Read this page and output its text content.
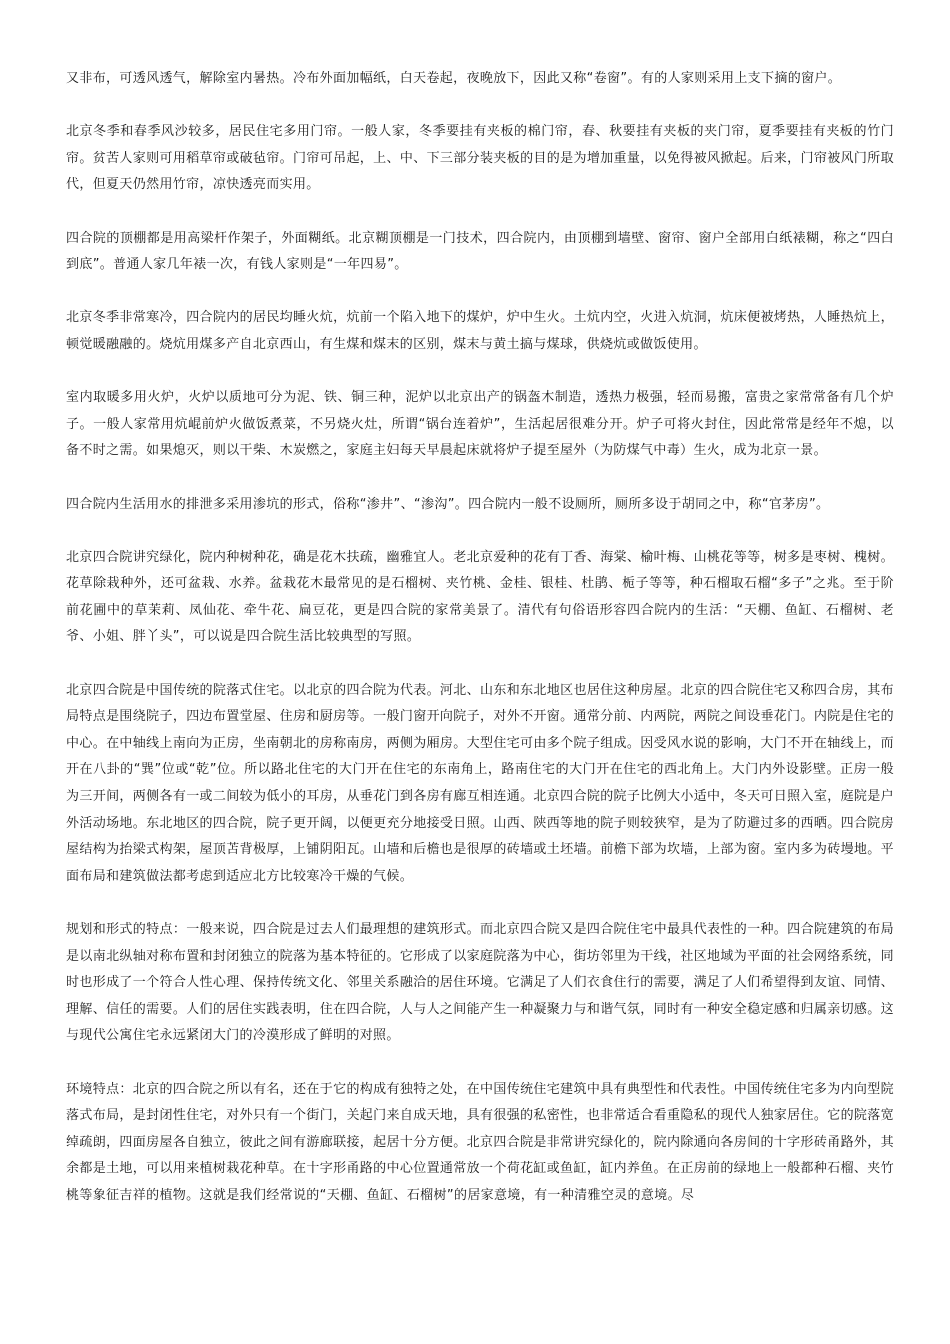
又非布，可透风透气，解除室内暑热。冷布外面加幅纸，白天卷起，夜晚放下，因此又称“卷窗”。有的人家则采用上支下摘的窗户。

北京冬季和春季风沙较多，居民住宅多用门帘。一般人家，冬季要挂有夹板的棉门帘，春、秋要挂有夹板的夹门帘，夏季要挂有夹板的竹门帘。贫苦人家则可用稻草帘或破毡帘。门帘可吊起，上、中、下三部分装夹板的目的是为增加重量，以免得被风掀起。后来，门帘被风门所取代，但夏天仍然用竹帘，凉快透亮而实用。

四合院的顶棚都是用高梁杆作架子，外面糊纸。北京糊顶棚是一门技术，四合院内，由顶棚到墙壁、窗帘、窗户全部用白纸裱糊，称之“四白到底”。普通人家几年裱一次，有钱人家则是“一年四易”。

北京冬季非常寒冷，四合院内的居民均睡火炕，炕前一个陷入地下的煤炉，炉中生火。土炕内空，火进入炕洞，炕床便被烤热，人睡热炕上，顿觉暖融融的。烧炕用煤多产自北京西山，有生煤和煤末的区别，煤末与黄土搞与煤球，供烧炕或做饭使用。

室内取暖多用火炉，火炉以质地可分为泥、铁、铜三种，泥炉以北京出产的锅盔木制造，透热力极强，轻而易搬，富贵之家常常备有几个炉子。一般人家常用炕崐前炉火做饭煮菜，不另烧火灶，所谓“锅台连着炉”，生活起居很难分开。炉子可将火封住，因此常常是经年不熄，以备不时之需。如果熄灭，则以干柴、木炭燃之，家庭主妇每天早晨起床就将炉子提至屋外（为防煤气中毒）生火，成为北京一景。

四合院内生活用水的排泄多采用渗坑的形式，俗称“渗井”、“渗沟”。四合院内一般不设厕所，厕所多设于胡同之中，称“官茅房”。

北京四合院讲究绿化，院内种树种花，确是花木扶疏，幽雅宜人。老北京爱种的花有丁香、海棠、榆叶梅、山桃花等等，树多是枣树、槐树。花草除栽种外，还可盆栽、水养。盆栽花木最常见的是石榴树、夹竹桃、金桂、银桂、杜鹃、栀子等等，种石榴取石榴“多子”之兆。至于阶前花圃中的草茉莉、凤仙花、牵牛花、扁豆花，更是四合院的家常美景了。清代有句俗语形容四合院内的生活：“天棚、鱼缸、石榴树、老爷、小姐、胖丫头”，可以说是四合院生活比较典型的写照。

北京四合院是中国传统的院落式住宅。以北京的四合院为代表。河北、山东和东北地区也居住这种房屋。北京的四合院住宅又称四合房，其布局特点是围绕院子，四边布置堂屋、住房和厨房等。一般门窗开向院子，对外不开窗。通常分前、内两院，两院之间设垂花门。内院是住宅的中心。在中轴线上南向为正房，坐南朝北的房称南房，两侧为厢房。大型住宅可由多个院子组成。因受风水说的影响，大门不开在轴线上，而开在八卦的“巽”位或“乾”位。所以路北住宅的大门开在住宅的东南角上，路南住宅的大门开在住宅的西北角上。大门内外设影壁。正房一般为三开间，两侧各有一或二间较为低小的耳房，从垂花门到各房有廊互相连通。北京四合院的院子比例大小适中，冬天可日照入室，庭院是户外活动场地。东北地区的四合院，院子更开阔，以便更充分地接受日照。山西、陕西等地的院子则较狭窄，是为了防避过多的西晒。四合院房屋结构为抬梁式构架，屋顶苫背极厚，上铺阴阳瓦。山墙和后檐也是很厚的砖墙或土坯墙。前檐下部为坎墙，上部为窗。室内多为砖墁地。平面布局和建筑做法都考虑到适应北方比较寒冷干燥的气候。

规划和形式的特点：一般来说，四合院是过去人们最理想的建筑形式。而北京四合院又是四合院住宅中最具代表性的一种。四合院建筑的布局是以南北纵轴对称布置和封闭独立的院落为基本特征的。它形成了以家庭院落为中心，街坊邻里为干线，社区地域为平面的社会网络系统，同时也形成了一个符合人性心理、保持传统文化、邻里关系融洽的居住环境。它满足了人们衣食住行的需要，满足了人们希望得到友谊、同情、理解、信任的需要。人们的居住实践表明，住在四合院，人与人之间能产生一种凝聚力与和谐气氛，同时有一种安全稳定感和归属亲切感。这与现代公寓住宅永远紧闭大门的冷漠形成了鲜明的对照。

环境特点：北京的四合院之所以有名，还在于它的构成有独特之处，在中国传统住宅建筑中具有典型性和代表性。中国传统住宅多为内向型院落式布局，是封闭性住宅，对外只有一个街门，关起门来自成天地，具有很强的私密性，也非常适合看重隐私的现代人独家居住。它的院落宽绰疏朗，四面房屋各自独立，彼此之间有游廊联接，起居十分方便。北京四合院是非常讲究绿化的，院内除通向各房间的十字形砖甬路外，其余都是土地，可以用来植树栽花种草。在十字形甬路的中心位置通常放一个荷花缸或鱼缸，缸内养鱼。在正房前的绿地上一般都种石榴、夹竹桃等象征吉祥的植物。这就是我们经常说的“天棚、鱼缸、石榴树”的居家意境，有一种清雅空灵的意境。尽
